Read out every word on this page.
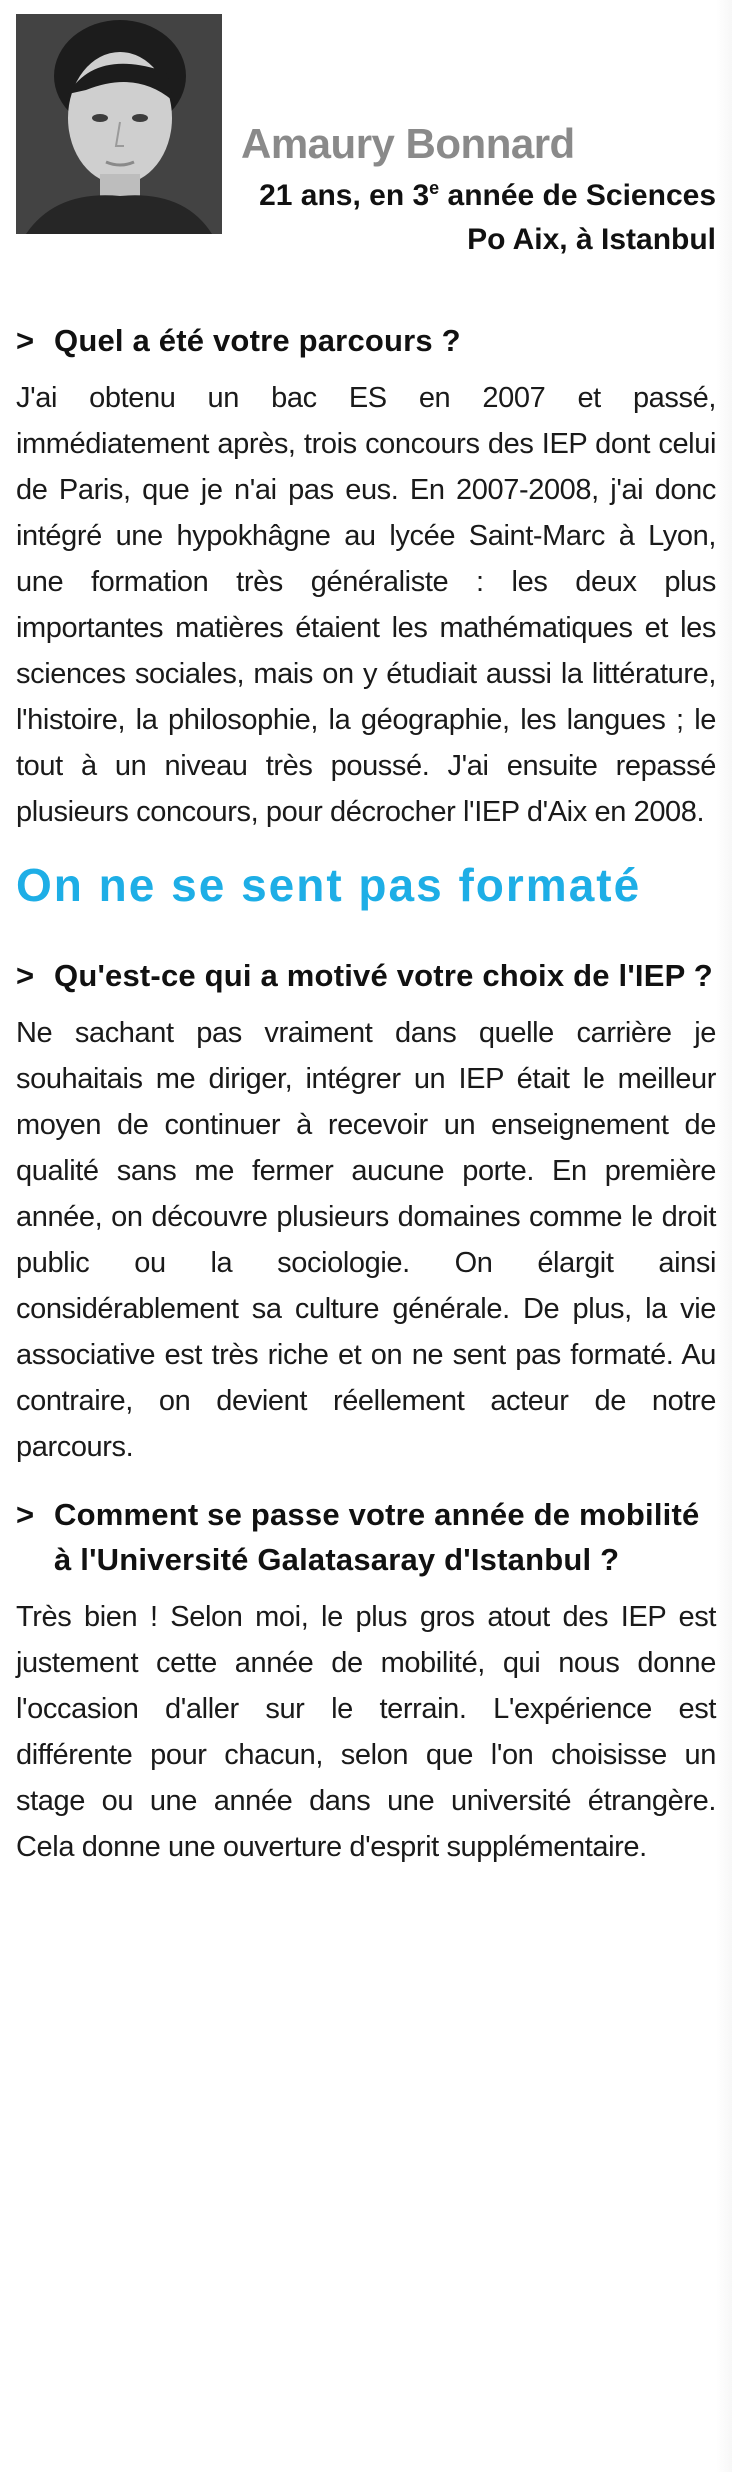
Amaury Bonnard

21 ans, en 3e année de Sciences Po Aix, à Istanbul

> Quel a été votre parcours ?

J'ai obtenu un bac ES en 2007 et passé, immédiatement après, trois concours des IEP dont celui de Paris, que je n'ai pas eus. En 2007-2008, j'ai donc intégré une hypokhâgne au lycée Saint-Marc à Lyon, une formation très généraliste : les deux plus importantes matières étaient les mathématiques et les sciences sociales, mais on y étudiait aussi la littérature, l'histoire, la philosophie, la géographie, les langues ; le tout à un niveau très poussé. J'ai ensuite repassé plusieurs concours, pour décrocher l'IEP d'Aix en 2008.

On ne se sent pas formaté
> Qu'est-ce qui a motivé votre choix de l'IEP ?

Ne sachant pas vraiment dans quelle carrière je souhaitais me diriger, intégrer un IEP était le meilleur moyen de continuer à recevoir un enseignement de qualité sans me fermer aucune porte. En première année, on découvre plusieurs domaines comme le droit public ou la sociologie. On élargit ainsi considérablement sa culture générale. De plus, la vie associative est très riche et on ne sent pas formaté. Au contraire, on devient réellement acteur de notre parcours.

> Comment se passe votre année de mobilité à l'Université Galatasaray d'Istanbul ?

Très bien ! Selon moi, le plus gros atout des IEP est justement cette année de mobilité, qui nous donne l'occasion d'aller sur le terrain. L'expérience est différente pour chacun, selon que l'on choisisse un stage ou une année dans une université étrangère. Cela donne une ouverture d'esprit supplémentaire.
